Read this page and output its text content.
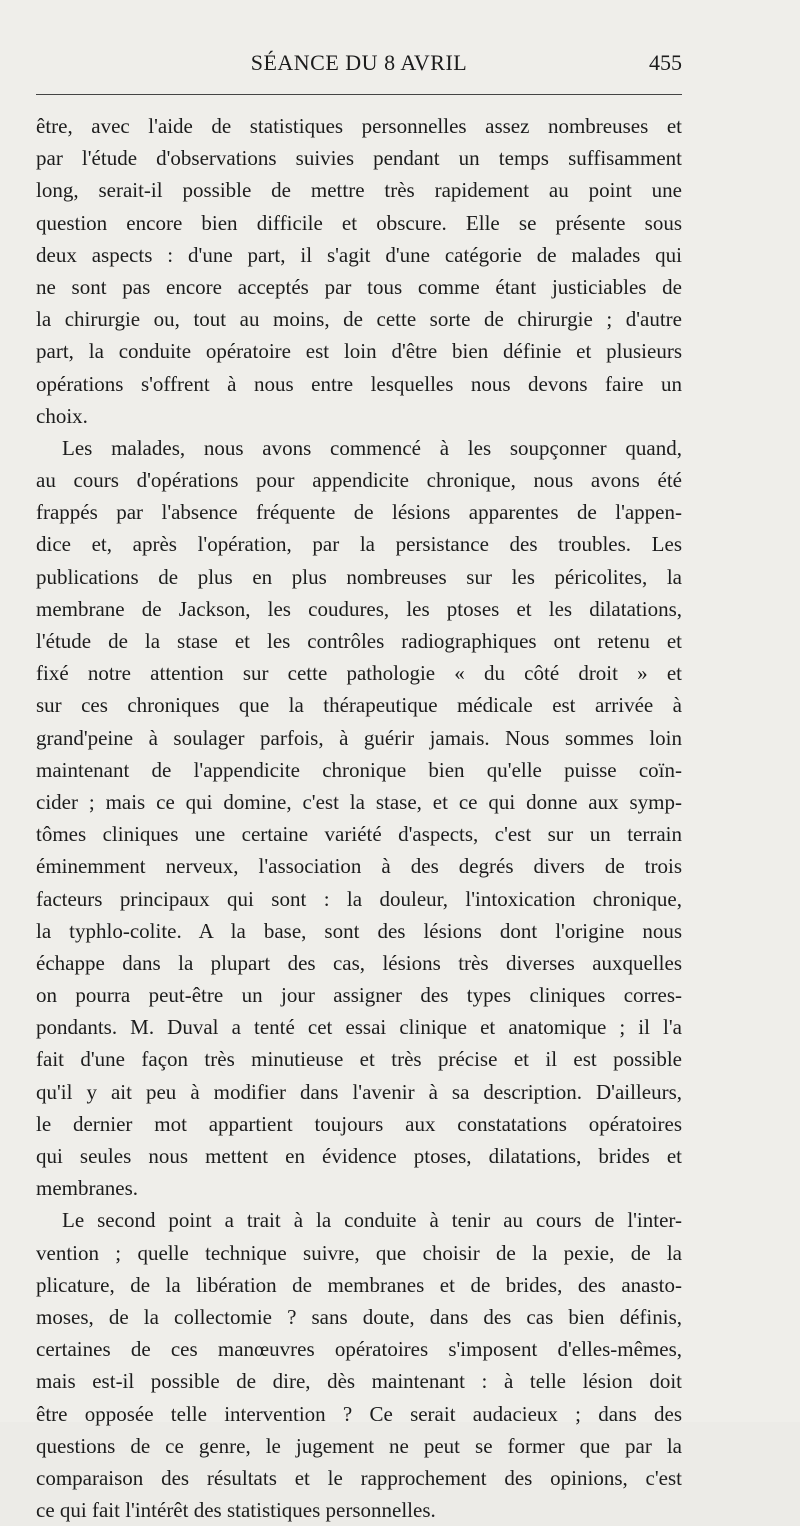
SÉANCE DU 8 AVRIL	455
être, avec l'aide de statistiques personnelles assez nombreuses et
par l'étude d'observations suivies pendant un temps suffisamment
long, serait-il possible de mettre très rapidement au point une
question encore bien difficile et obscure. Elle se présente sous
deux aspects : d'une part, il s'agit d'une catégorie de malades qui
ne sont pas encore acceptés par tous comme étant justiciables de
la chirurgie ou, tout au moins, de cette sorte de chirurgie ; d'autre
part, la conduite opératoire est loin d'être bien définie et plusieurs
opérations s'offrent à nous entre lesquelles nous devons faire un
choix.
Les malades, nous avons commencé à les soupçonner quand,
au cours d'opérations pour appendicite chronique, nous avons été
frappés par l'absence fréquente de lésions apparentes de l'appen-
dice et, après l'opération, par la persistance des troubles. Les
publications de plus en plus nombreuses sur les péricolites, la
membrane de Jackson, les coudures, les ptoses et les dilatations,
l'étude de la stase et les contrôles radiographiques ont retenu et
fixé notre attention sur cette pathologie « du côté droit » et
sur ces chroniques que la thérapeutique médicale est arrivée à
grand'peine à soulager parfois, à guérir jamais. Nous sommes loin
maintenant de l'appendicite chronique bien qu'elle puisse coïn-
cider ; mais ce qui domine, c'est la stase, et ce qui donne aux symp-
tômes cliniques une certaine variété d'aspects, c'est sur un terrain
éminemment nerveux, l'association à des degrés divers de trois
facteurs principaux qui sont : la douleur, l'intoxication chronique,
la typhlo-colite. A la base, sont des lésions dont l'origine nous
échappe dans la plupart des cas, lésions très diverses auxquelles
on pourra peut-être un jour assigner des types cliniques corres-
pondants. M. Duval a tenté cet essai clinique et anatomique ; il l'a
fait d'une façon très minutieuse et très précise et il est possible
qu'il y ait peu à modifier dans l'avenir à sa description. D'ailleurs,
le dernier mot appartient toujours aux constatations opératoires
qui seules nous mettent en évidence ptoses, dilatations, brides et
membranes.
Le second point a trait à la conduite à tenir au cours de l'inter-
vention ; quelle technique suivre, que choisir de la pexie, de la
plicature, de la libération de membranes et de brides, des anasto-
moses, de la collectomie ? sans doute, dans des cas bien définis,
certaines de ces manœuvres opératoires s'imposent d'elles-mêmes,
mais est-il possible de dire, dès maintenant : à telle lésion doit
être opposée telle intervention ? Ce serait audacieux ; dans des
questions de ce genre, le jugement ne peut se former que par la
comparaison des résultats et le rapprochement des opinions, c'est
ce qui fait l'intérêt des statistiques personnelles.
